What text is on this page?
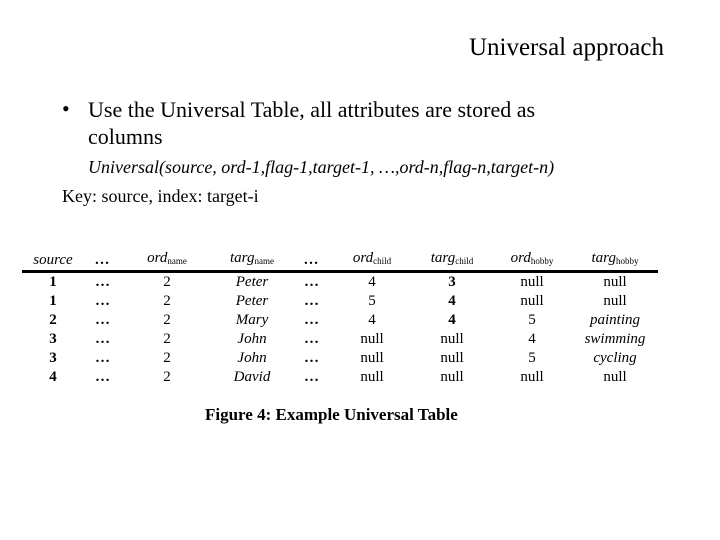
Universal approach
• Use the Universal Table, all attributes are stored as columns
Universal(source, ord-1,flag-1,target-1, …,ord-n,flag-n,target-n)
Key: source, index: target-i
source	…	ord$_{name}$	targ$_{name}$	…	ord$_{child}$	targ$_{child}$	ord$_{hobby}$	targ$_{hobby}$
1	…	2	Peter	…	4	3	null	null
1	…	2	Peter	…	5	4	null	null
2	…	2	Mary	…	4	4	5	painting
3	…	2	John	…	null	null	4	swimming
3	…	2	John	…	null	null	5	cycling
4	…	2	David	…	null	null	null	null
Figure 4: Example Universal Table
